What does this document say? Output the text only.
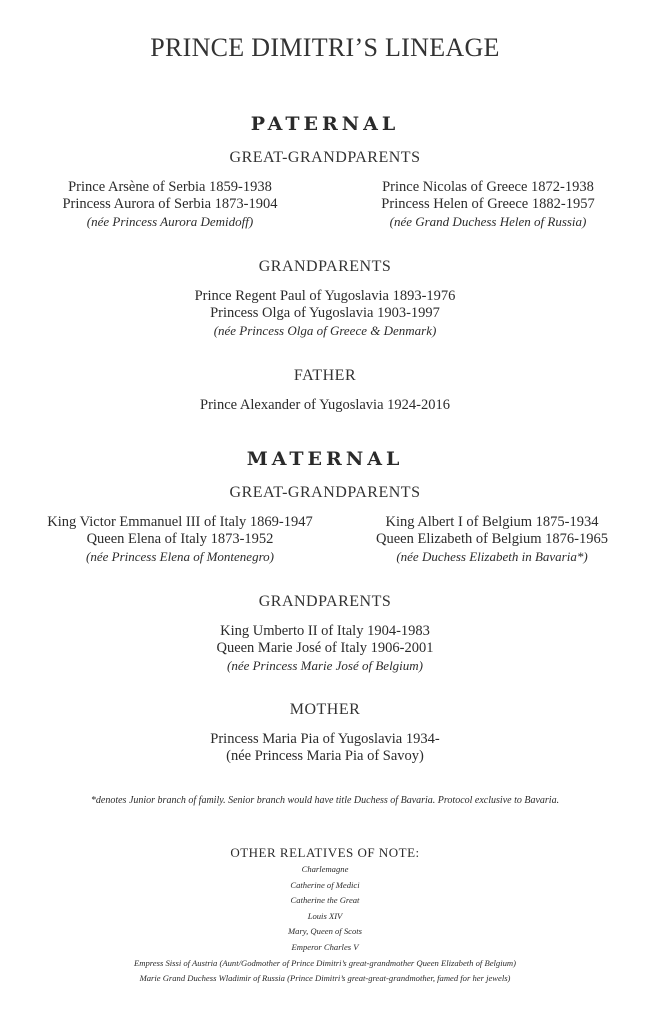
PRINCE DIMITRI’S LINEAGE
PATERNAL
GREAT-GRANDPARENTS
Prince Arsène of Serbia 1859-1938
Princess Aurora of Serbia 1873-1904
(née Princess Aurora Demidoff)
Prince Nicolas of Greece 1872-1938
Princess Helen of Greece 1882-1957
(née Grand Duchess Helen of Russia)
GRANDPARENTS
Prince Regent Paul of Yugoslavia 1893-1976
Princess Olga of Yugoslavia 1903-1997
(née Princess Olga of Greece & Denmark)
FATHER
Prince Alexander of Yugoslavia 1924-2016
MATERNAL
GREAT-GRANDPARENTS
King Victor Emmanuel III of Italy 1869-1947
Queen Elena of Italy 1873-1952
(née Princess Elena of Montenegro)
King Albert I of Belgium 1875-1934
Queen Elizabeth of Belgium 1876-1965
(née Duchess Elizabeth in Bavaria*)
GRANDPARENTS
King Umberto II of Italy 1904-1983
Queen Marie José of Italy 1906-2001
(née Princess Marie José of Belgium)
MOTHER
Princess Maria Pia of Yugoslavia 1934-
(née Princess Maria Pia of Savoy)
*denotes Junior branch of family. Senior branch would have title Duchess of Bavaria. Protocol exclusive to Bavaria.
OTHER RELATIVES OF NOTE:
Charlemagne
Catherine of Medici
Catherine the Great
Louis XIV
Mary, Queen of Scots
Emperor Charles V
Empress Sissi of Austria (Aunt/Godmother of Prince Dimitri’s great-grandmother Queen Elizabeth of Belgium)
Marie Grand Duchess Wladimir of Russia (Prince Dimitri’s great-great-grandmother, famed for her jewels)
